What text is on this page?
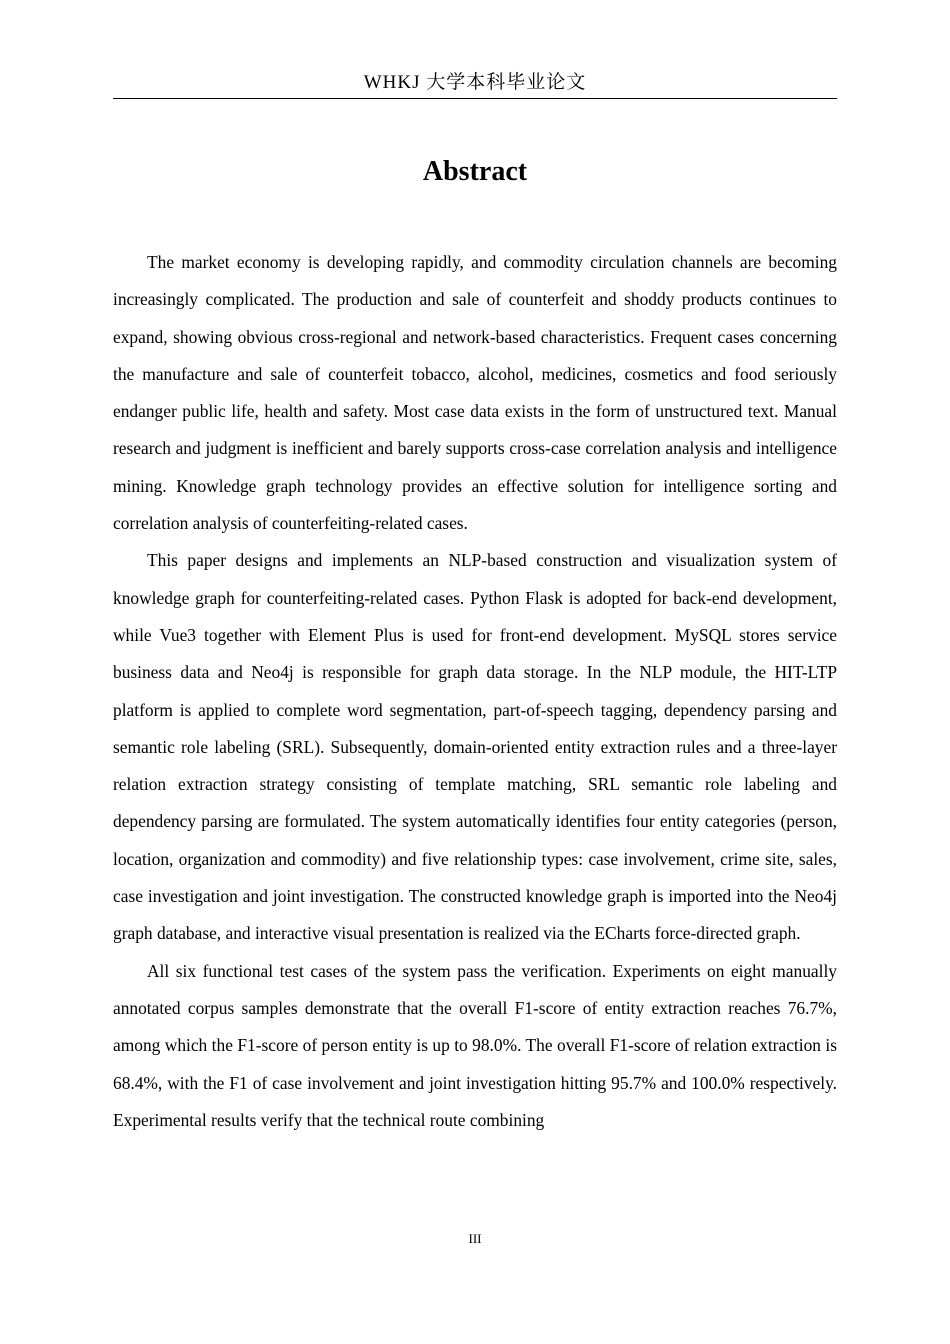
WHKJ 大学本科毕业论文
Abstract

The market economy is developing rapidly, and commodity circulation channels are becoming increasingly complicated. The production and sale of counterfeit and shoddy products continues to expand, showing obvious cross-regional and network-based characteristics. Frequent cases concerning the manufacture and sale of counterfeit tobacco, alcohol, medicines, cosmetics and food seriously endanger public life, health and safety. Most case data exists in the form of unstructured text. Manual research and judgment is inefficient and barely supports cross-case correlation analysis and intelligence mining. Knowledge graph technology provides an effective solution for intelligence sorting and correlation analysis of counterfeiting-related cases.

This paper designs and implements an NLP-based construction and visualization system of knowledge graph for counterfeiting-related cases. Python Flask is adopted for back-end development, while Vue3 together with Element Plus is used for front-end development. MySQL stores service business data and Neo4j is responsible for graph data storage. In the NLP module, the HIT-LTP platform is applied to complete word segmentation, part-of-speech tagging, dependency parsing and semantic role labeling (SRL). Subsequently, domain-oriented entity extraction rules and a three-layer relation extraction strategy consisting of template matching, SRL semantic role labeling and dependency parsing are formulated. The system automatically identifies four entity categories (person, location, organization and commodity) and five relationship types: case involvement, crime site, sales, case investigation and joint investigation. The constructed knowledge graph is imported into the Neo4j graph database, and interactive visual presentation is realized via the ECharts force-directed graph.

All six functional test cases of the system pass the verification. Experiments on eight manually annotated corpus samples demonstrate that the overall F1-score of entity extraction reaches 76.7%, among which the F1-score of person entity is up to 98.0%. The overall F1-score of relation extraction is 68.4%, with the F1 of case involvement and joint investigation hitting 95.7% and 100.0% respectively. Experimental results verify that the technical route combining

III
